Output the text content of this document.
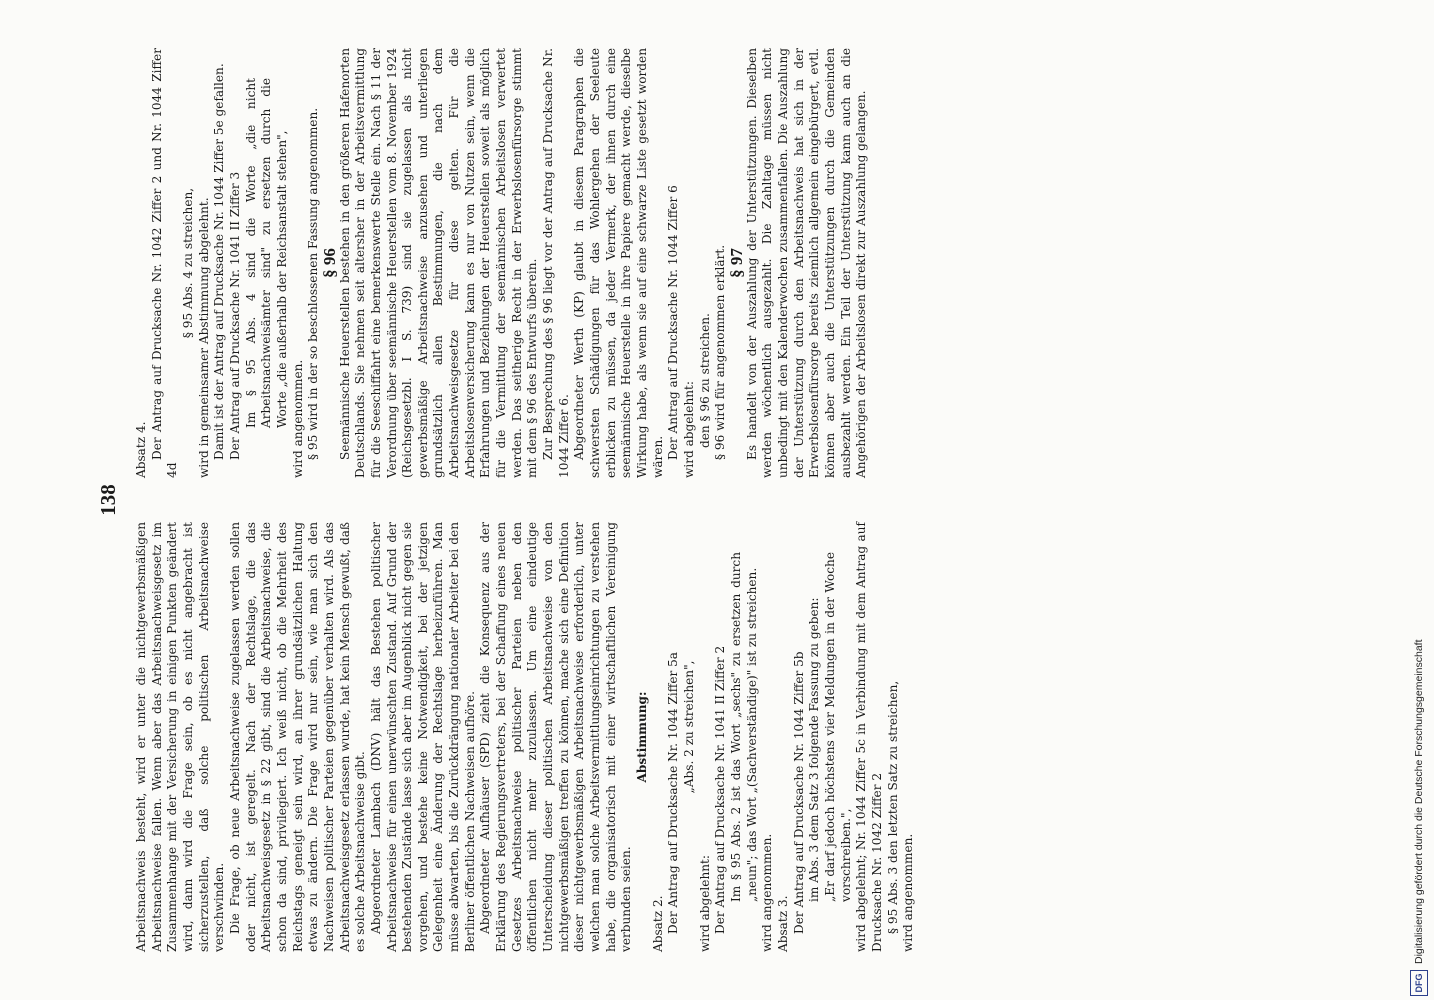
138

Arbeitsnachweis besteht, wird er unter die nichtgewerbsmäßigen Arbeitsnachweise fallen. Wenn aber das Arbeitsnachweisgesetz im Zusammenhange mit der Versicherung in einigen Punkten geändert wird, dann wird die Frage sein, ob es nicht angebracht ist sicherzustellen, daß solche politischen Arbeitsnachweise verschwinden. Die Frage, ob neue Arbeitsnachweise zugelassen werden sollen oder nicht, ist geregelt. Nach der Rechtslage, die das Arbeitsnachweisgesetz in § 22 gibt, sind die Arbeitsnachweise, die schon da sind, privilegiert. Ich weiß nicht, ob die Mehrheit des Reichstags geneigt sein wird, an ihrer grundsätzlichen Haltung etwas zu ändern. Die Frage wird nur sein, wie man sich den Nachweisen politischer Parteien gegenüber verhalten wird. Als das Arbeitsnachweisgesetz erlassen wurde, hat kein Mensch gewußt, daß es solche Arbeitsnachweise gibt. Abgeordneter Lambach (DNV) hält das Bestehen politischer Arbeitsnachweise für einen unerwünschten Zustand. Auf Grund der bestehenden Zustände lasse sich aber im Augenblick nicht gegen sie vorgehen, und bestehe keine Notwendigkeit, bei der jetzigen Gelegenheit eine Änderung der Rechtslage herbeizuführen. Man müsse abwarten, bis die Zurückdrängung nationaler Arbeiter bei den Berliner öffentlichen Nachweisen aufhöre. Abgeordneter Aufhäuser (SPD) zieht die Konsequenz aus der Erklärung des Regierungsvertreters, bei der Schaffung eines neuen Gesetzes Arbeitsnachweise politischer Parteien neben den öffentlichen nicht mehr zuzulassen. Um eine eindeutige Unterscheidung dieser politischen Arbeitsnachweise von den nichtgewerbsmäßigen treffen zu können, mache sich eine Definition dieser nichtgewerbsmäßigen Arbeitsnachweise erforderlich, unter welchen man solche Arbeitsvermittlungseinrichtungen zu verstehen habe, die organisatorisch mit einer wirtschaftlichen Vereinigung verbunden seien.

Abstimmung:

Absatz 2. Der Antrag auf Drucksache Nr. 1044 Ziffer 5a „Abs. 2 zu streichen",

wird abgelehnt: Der Antrag auf Drucksache Nr. 1041 II Ziffer 2 Im § 95 Abs. 2 ist das Wort „sechs" zu ersetzen durch „neun"; das Wort „(Sachverständige)" ist zu streichen. wird angenommen. Absatz 3. Der Antrag auf Drucksache Nr. 1044 Ziffer 5b im Abs. 3 dem Satz 3 folgende Fassung zu geben: „Er darf jedoch höchstens vier Meldungen in der Woche vorschreiben.", wird abgelehnt; Nr. 1044 Ziffer 5c in Verbindung mit dem Antrag auf Drucksache Nr. 1042 Ziffer 2 § 95 Abs. 3 den letzten Satz zu streichen, wird angenommen.

Absatz 4. Der Antrag auf Drucksache Nr. 1042 Ziffer 2 und Nr. 1044 Ziffer 4d

§ 95 Abs. 4 zu streichen, wird in gemeinsamer Abstimmung abgelehnt. Damit ist der Antrag auf Drucksache Nr. 1044 Ziffer 5e gefallen. Der Antrag auf Drucksache Nr. 1041 II Ziffer 3 Im § 95 Abs. 4 sind die Worte „die nicht Arbeitsnachweisämter sind" zu ersetzen durch die Worte „die außerhalb der Reichsanstalt stehen", wird angenommen. § 95 wird in der so beschlossenen Fassung angenommen. § 96

Seemännische Heuerstellen bestehen in den größeren Hafenorten Deutschlands. Sie nehmen seit altersher in der Arbeitsvermittlung für die Seeschiffahrt eine bemerkenswerte Stelle ein. Nach § 11 der Verordnung über seemännische Heuerstellen vom 8. November 1924 (Reichsgesetzbl. I S. 739) sind sie zugelassen als nicht gewerbsmäßige Arbeitsnachweise anzusehen und unterliegen grundsätzlich allen Bestimmungen, die nach dem Arbeitsnachweisgesetze für diese gelten. Für die Arbeitslosenversicherung kann es nur von Nutzen sein, wenn die Erfahrungen und Beziehungen der Heuerstellen soweit als möglich für die Vermittlung der seemännischen Arbeitslosen verwertet werden. Das seitherige Recht in der Erwerbslosenfürsorge stimmt mit dem § 96 des Entwurfs überein. Zur Besprechung des § 96 liegt vor der Antrag auf Drucksache Nr. 1044 Ziffer 6. Abgeordneter Werth (KP) glaubt in diesem Paragraphen die schwersten Schädigungen für das Wohlergehen der Seeleute erblicken zu müssen, da jeder Vermerk, der ihnen durch eine seemännische Heuerstelle in ihre Papiere gemacht werde, dieselbe Wirkung habe, als wenn sie auf eine schwarze Liste gesetzt worden wären. Der Antrag auf Drucksache Nr. 1044 Ziffer 6 wird abgelehnt: den § 96 zu streichen. § 96 wird für angenommen erklärt. § 97

Es handelt von der Auszahlung der Unterstützungen. Dieselben werden wöchentlich ausgezahlt. Die Zahltage müssen nicht unbedingt mit den Kalenderwochen zusammenfallen. Die Auszahlung der Unterstützung durch den Arbeitsnachweis hat sich in der Erwerbslosenfürsorge bereits ziemlich allgemein eingebürgert, evtl. können aber auch die Unterstützungen durch die Gemeinden ausbezahlt werden. Ein Teil der Unterstützung kann auch an die Angehörigen der Arbeitslosen direkt zur Auszahlung gelangen.

DFG
Digitalisierung gefördert durch die Deutsche Forschungsgemeinschaft
